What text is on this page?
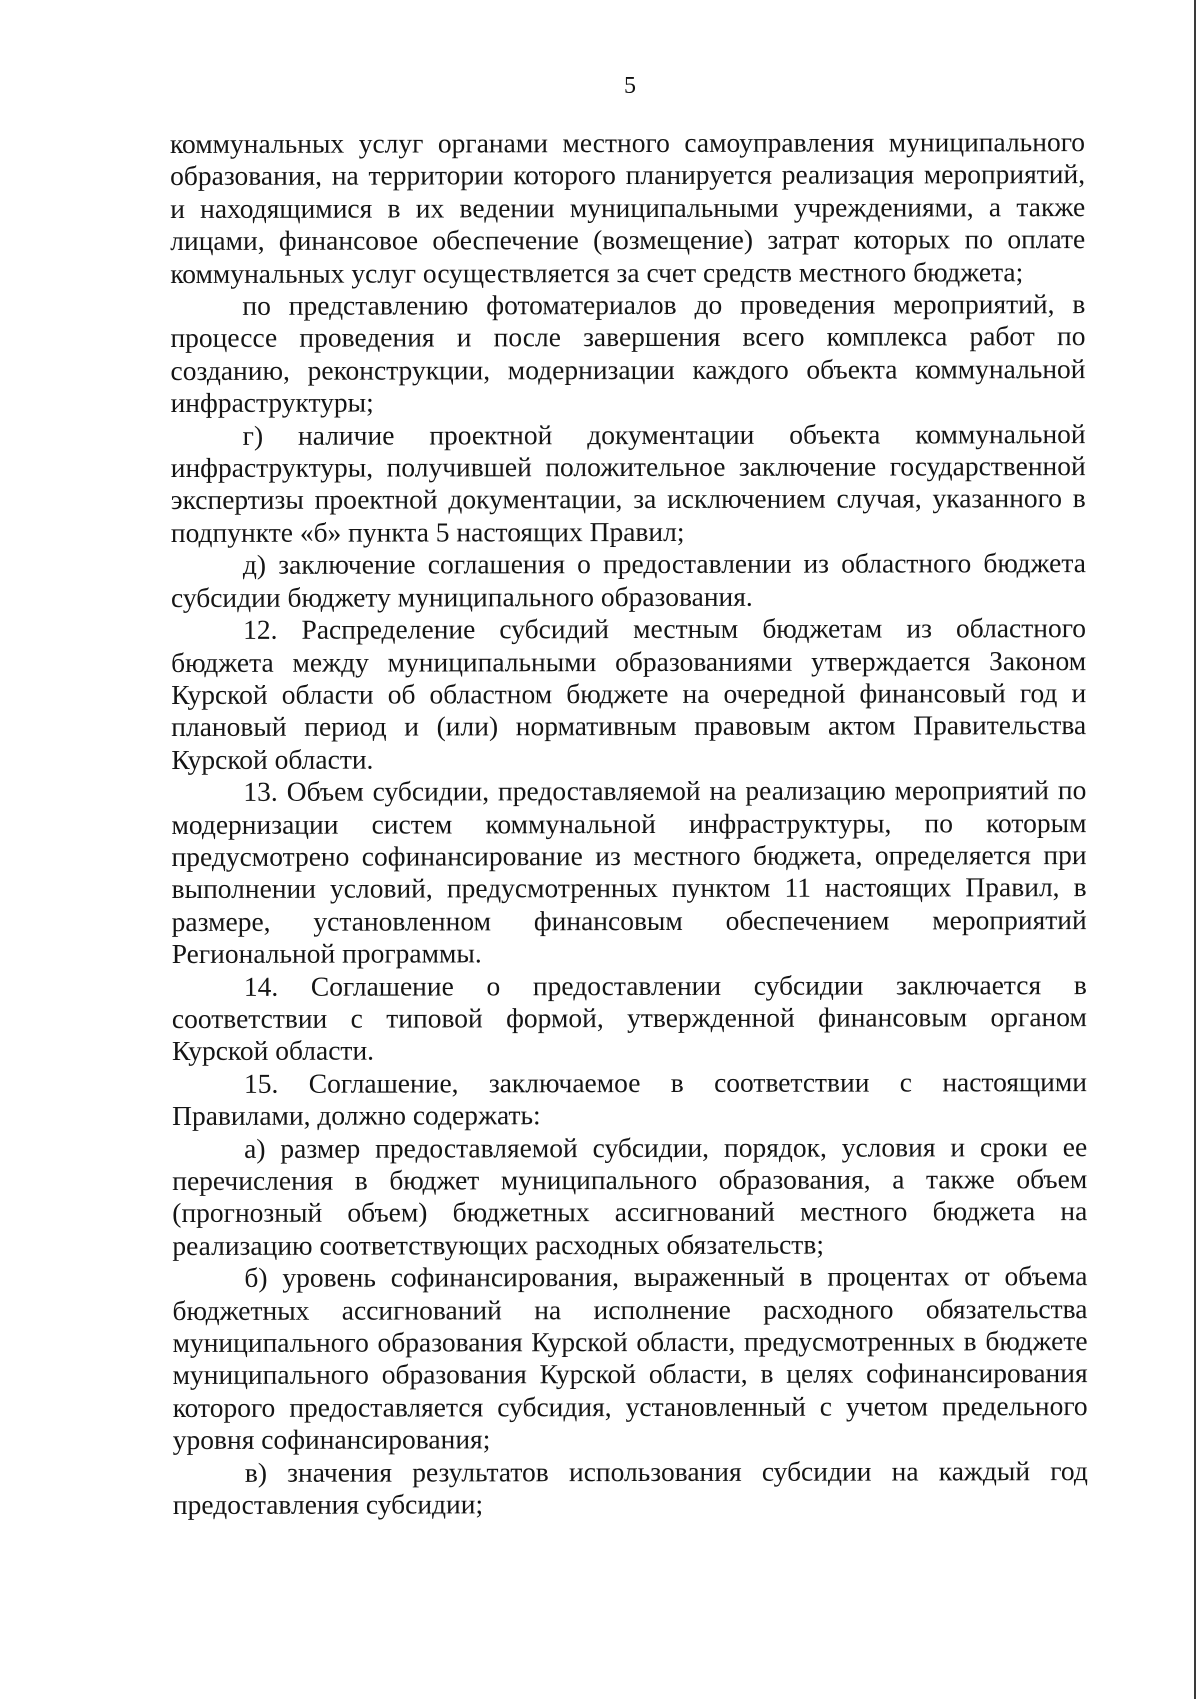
5

коммунальных услуг органами местного самоуправления муниципального образования, на территории которого планируется реализация мероприятий, и находящимися в их ведении муниципальными учреждениями, а также лицами, финансовое обеспечение (возмещение) затрат которых по оплате коммунальных услуг осуществляется за счет средств местного бюджета;

по представлению фотоматериалов до проведения мероприятий, в процессе проведения и после завершения всего комплекса работ по созданию, реконструкции, модернизации каждого объекта коммунальной инфраструктуры;

г) наличие проектной документации объекта коммунальной инфраструктуры, получившей положительное заключение государственной экспертизы проектной документации, за исключением случая, указанного в подпункте «б» пункта 5 настоящих Правил;

д) заключение соглашения о предоставлении из областного бюджета субсидии бюджету муниципального образования.

12. Распределение субсидий местным бюджетам из областного бюджета между муниципальными образованиями утверждается Законом Курской области об областном бюджете на очередной финансовый год и плановый период и (или) нормативным правовым актом Правительства Курской области.

13. Объем субсидии, предоставляемой на реализацию мероприятий по модернизации систем коммунальной инфраструктуры, по которым предусмотрено софинансирование из местного бюджета, определяется при выполнении условий, предусмотренных пунктом 11 настоящих Правил, в размере, установленном финансовым обеспечением мероприятий Региональной программы.

14. Соглашение о предоставлении субсидии заключается в соответствии с типовой формой, утвержденной финансовым органом Курской области.

15. Соглашение, заключаемое в соответствии с настоящими Правилами, должно содержать:

а) размер предоставляемой субсидии, порядок, условия и сроки ее перечисления в бюджет муниципального образования, а также объем (прогнозный объем) бюджетных ассигнований местного бюджета на реализацию соответствующих расходных обязательств;

б) уровень софинансирования, выраженный в процентах от объема бюджетных ассигнований на исполнение расходного обязательства муниципального образования Курской области, предусмотренных в бюджете муниципального образования Курской области, в целях софинансирования которого предоставляется субсидия, установленный с учетом предельного уровня софинансирования;

в) значения результатов использования субсидии на каждый год предоставления субсидии;
